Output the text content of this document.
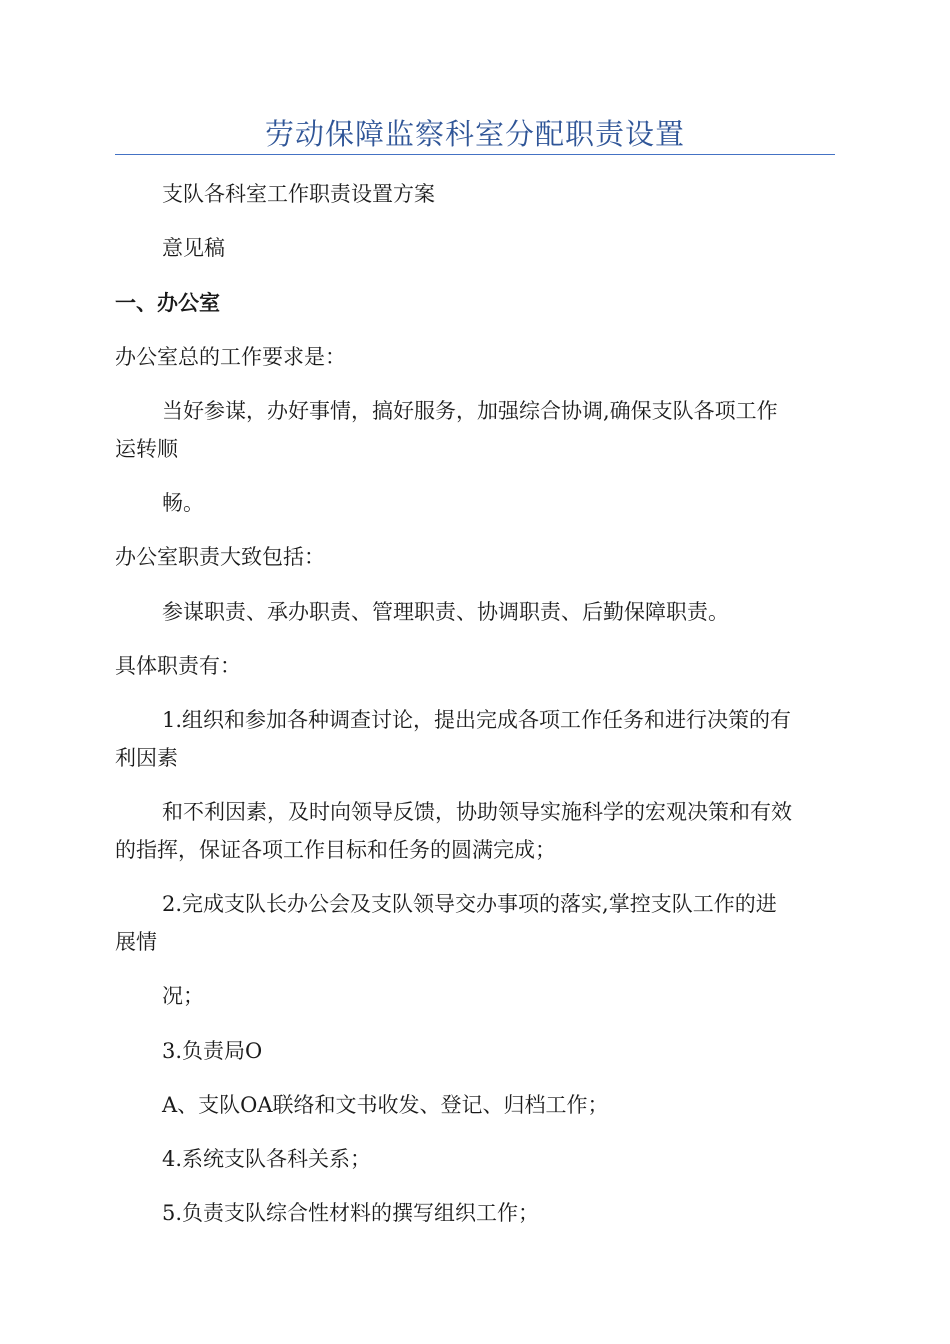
劳动保障监察科室分配职责设置
支队各科室工作职责设置方案
意见稿
一、办公室
办公室总的工作要求是：
当好参谋，办好事情，搞好服务，加强综合协调,确保支队各项工作
运转顺
畅。
办公室职责大致包括：
参谋职责、承办职责、管理职责、协调职责、后勤保障职责。
具体职责有：
1.组织和参加各种调查讨论，提出完成各项工作任务和进行决策的有
利因素
和不利因素，及时向领导反馈，协助领导实施科学的宏观决策和有效
的指挥，保证各项工作目标和任务的圆满完成；
2.完成支队长办公会及支队领导交办事项的落实,掌控支队工作的进
展情
况；
3.负责局O
A、支队OA联络和文书收发、登记、归档工作；
4.系统支队各科关系；
5.负责支队综合性材料的撰写组织工作；
